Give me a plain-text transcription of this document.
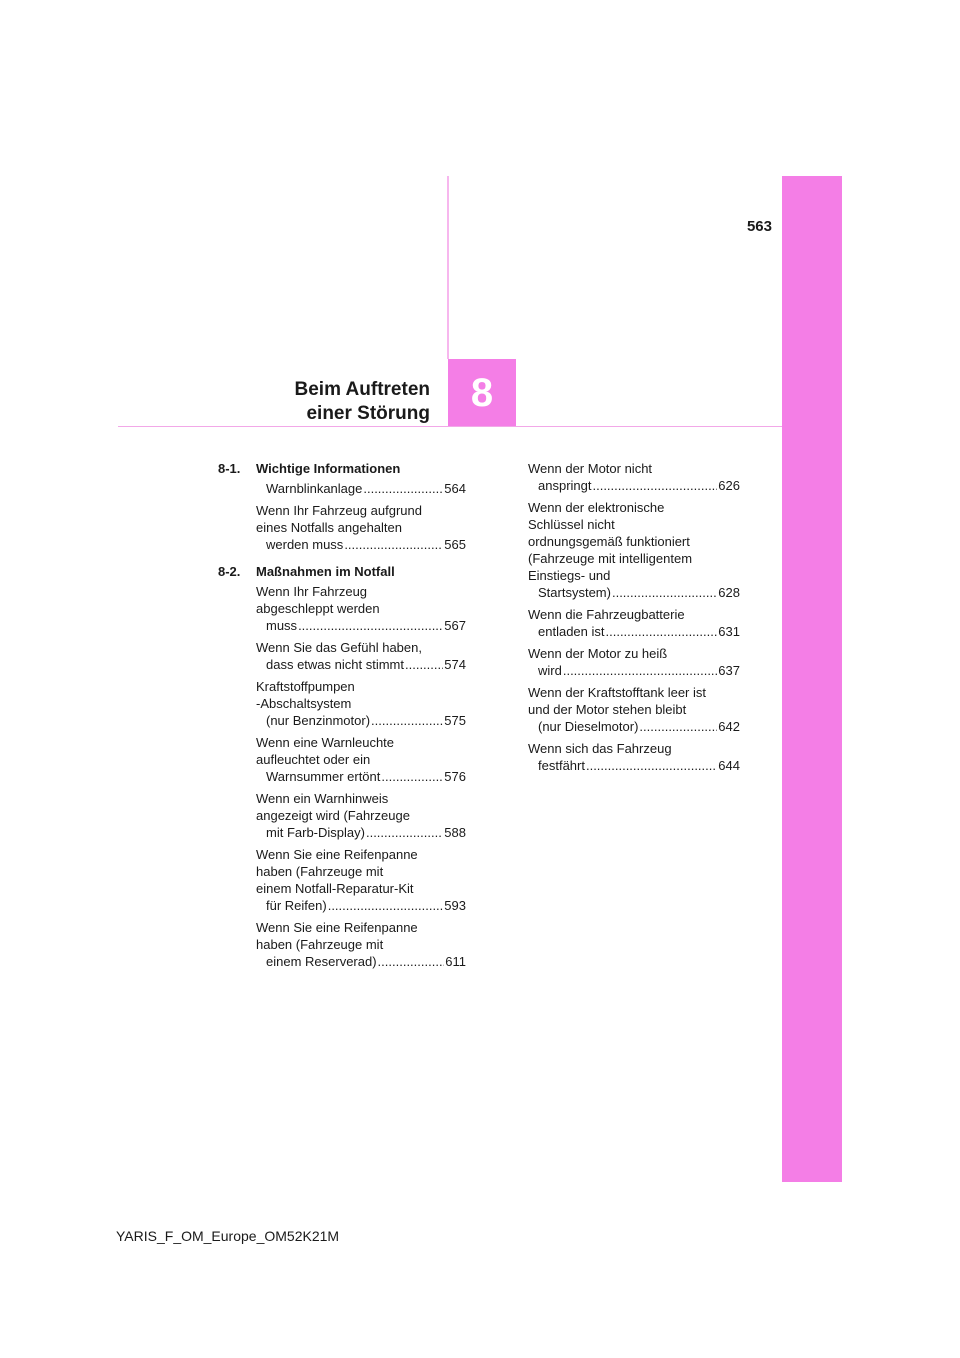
563
8
Beim Auftreten
einer Störung
8-1.	Wichtige Informationen
Warnblinkanlage .....	564
Wenn Ihr Fahrzeug aufgrund
eines Notfalls angehalten
werden muss .....	565
8-2.	Maßnahmen im Notfall
Wenn Ihr Fahrzeug
abgeschleppt werden
muss .....	567
Wenn Sie das Gefühl haben,
dass etwas nicht stimmt .....	574
Kraftstoffpumpen
-Abschaltsystem
(nur Benzinmotor) .....	575
Wenn eine Warnleuchte
aufleuchtet oder ein
Warnsummer ertönt .....	576
Wenn ein Warnhinweis
angezeigt wird (Fahrzeuge
mit Farb-Display) .....	588
Wenn Sie eine Reifenpanne
haben (Fahrzeuge mit
einem Notfall-Reparatur-Kit
für Reifen) .....	593
Wenn Sie eine Reifenpanne
haben (Fahrzeuge mit
einem Reserverad) .....	611
Wenn der Motor nicht
anspringt .....	626
Wenn der elektronische
Schlüssel nicht
ordnungsgemäß funktioniert
(Fahrzeuge mit intelligentem
Einstiegs- und
Startsystem) .....	628
Wenn die Fahrzeugbatterie
entladen ist .....	631
Wenn der Motor zu heiß
wird .....	637
Wenn der Kraftstofftank leer ist
und der Motor stehen bleibt
(nur Dieselmotor) .....	642
Wenn sich das Fahrzeug
festfährt .....	644
YARIS_F_OM_Europe_OM52K21M
